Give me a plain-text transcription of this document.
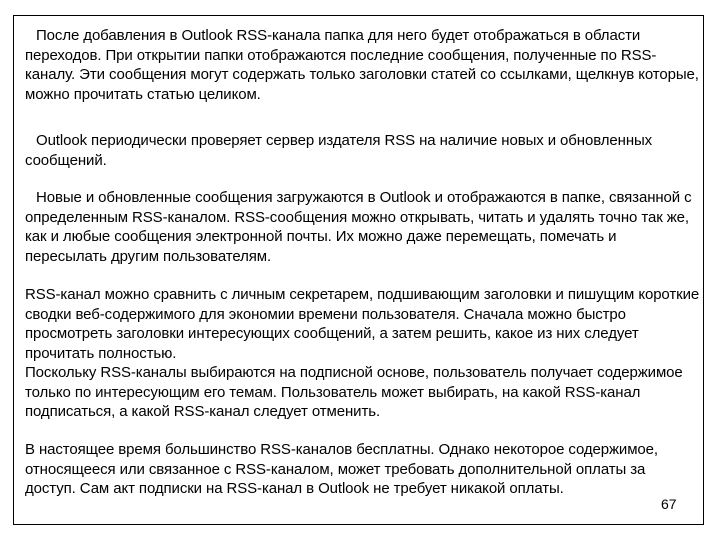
После добавления в Outlook RSS-канала папка для него будет отображаться в области переходов. При открытии папки отображаются последние сообщения, полученные по RSS-каналу. Эти сообщения могут содержать только заголовки статей со ссылками, щелкнув которые, можно прочитать статью целиком.

Outlook периодически проверяет сервер издателя RSS на наличие новых и обновленных сообщений.

Новые и обновленные сообщения загружаются в Outlook и отображаются в папке, связанной с определенным RSS-каналом. RSS-сообщения можно открывать, читать и удалять точно так же, как и любые сообщения электронной почты. Их можно даже перемещать, помечать и пересылать другим пользователям.

RSS-канал можно сравнить с личным секретарем, подшивающим заголовки и пишущим короткие сводки веб-содержимого для экономии времени пользователя. Сначала можно быстро просмотреть заголовки интересующих сообщений, а затем решить, какое из них следует прочитать полностью.

Поскольку RSS-каналы выбираются на подписной основе, пользователь получает содержимое только по интересующим его темам. Пользователь может выбирать, на какой RSS-канал подписаться, а какой RSS-канал следует отменить.

В настоящее время большинство RSS-каналов бесплатны. Однако некоторое содержимое, относящееся или связанное с RSS-каналом, может требовать дополнительной оплаты за доступ. Сам акт подписки на RSS-канал в Outlook не требует никакой оплаты.

67
